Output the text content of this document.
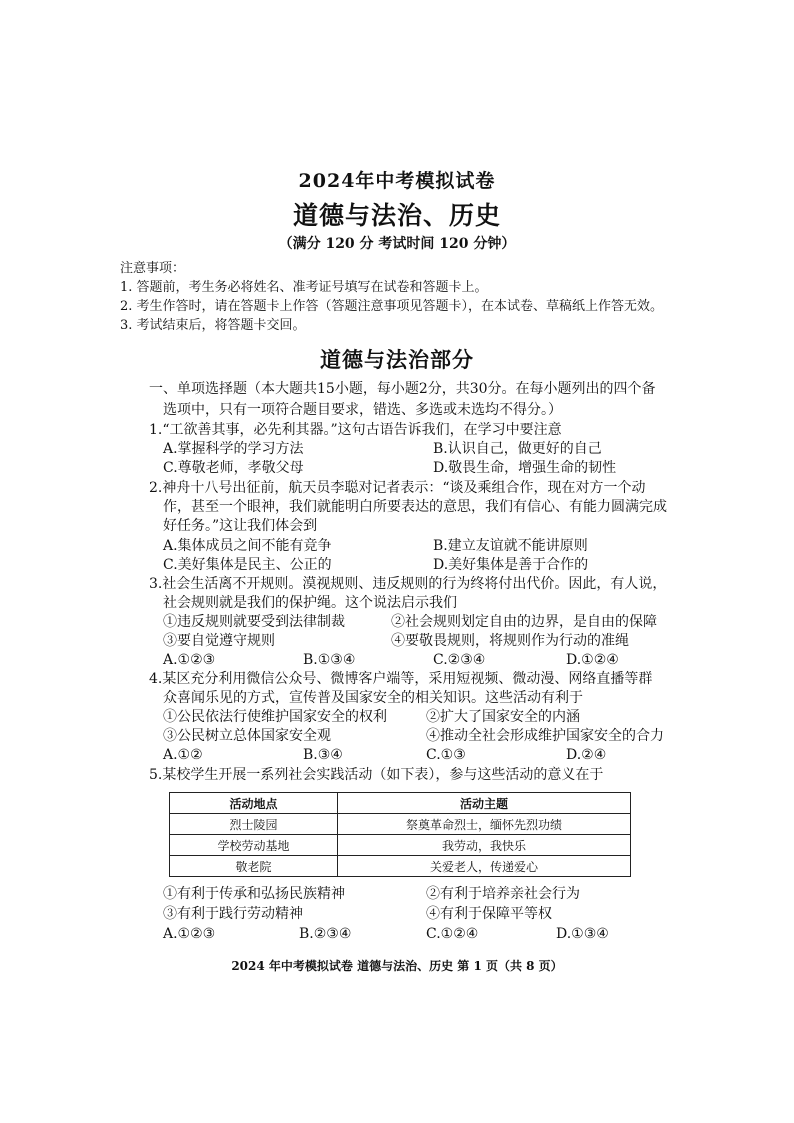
2024年中考模拟试卷
道德与法治、历史
（满分 120 分 考试时间 120 分钟）
注意事项：
1. 答题前，考生务必将姓名、准考证号填写在试卷和答题卡上。
2. 考生作答时，请在答题卡上作答（答题注意事项见答题卡），在本试卷、草稿纸上作答无效。
3. 考试结束后，将答题卡交回。
道德与法治部分
一、单项选择题（本大题共15小题，每小题2分，共30分。在每小题列出的四个备
选项中，只有一项符合题目要求，错选、多选或未选均不得分。）
1.“工欲善其事，必先利其器。”这句古语告诉我们，在学习中要注意
A.掌握科学的学习方法	B.认识自己，做更好的自己
C.尊敬老师，孝敬父母	D.敬畏生命，增强生命的韧性
2.神舟十八号出征前，航天员李聪对记者表示：“谈及乘组合作，现在对方一个动
作，甚至一个眼神，我们就能明白所要表达的意思，我们有信心、有能力圆满完成
好任务。”这让我们体会到
A.集体成员之间不能有竞争	B.建立友谊就不能讲原则
C.美好集体是民主、公正的	D.美好集体是善于合作的
3.社会生活离不开规则。漠视规则、违反规则的行为终将付出代价。因此，有人说，
社会规则就是我们的保护绳。这个说法启示我们
①违反规则就要受到法律制裁	②社会规则划定自由的边界，是自由的保障
③要自觉遵守规则	④要敬畏规则，将规则作为行动的准绳
A.①②③	B.①③④	C.②③④	D.①②④
4.某区充分利用微信公众号、微博客户端等，采用短视频、微动漫、网络直播等群
众喜闻乐见的方式，宣传普及国家安全的相关知识。这些活动有利于
①公民依法行使维护国家安全的权利	②扩大了国家安全的内涵
③公民树立总体国家安全观	④推动全社会形成维护国家安全的合力
A.①②	B.③④	C.①③	D.②④
5.某校学生开展一系列社会实践活动（如下表），参与这些活动的意义在于
活动地点	活动主题
烈士陵园	祭奠革命烈士，缅怀先烈功绩
学校劳动基地	我劳动，我快乐
敬老院	关爱老人，传递爱心
①有利于传承和弘扬民族精神	②有利于培养亲社会行为
③有利于践行劳动精神	④有利于保障平等权
A.①②③	B.②③④	C.①②④	D.①③④
2024 年中考模拟试卷 道德与法治、历史 第 1 页（共 8 页）
